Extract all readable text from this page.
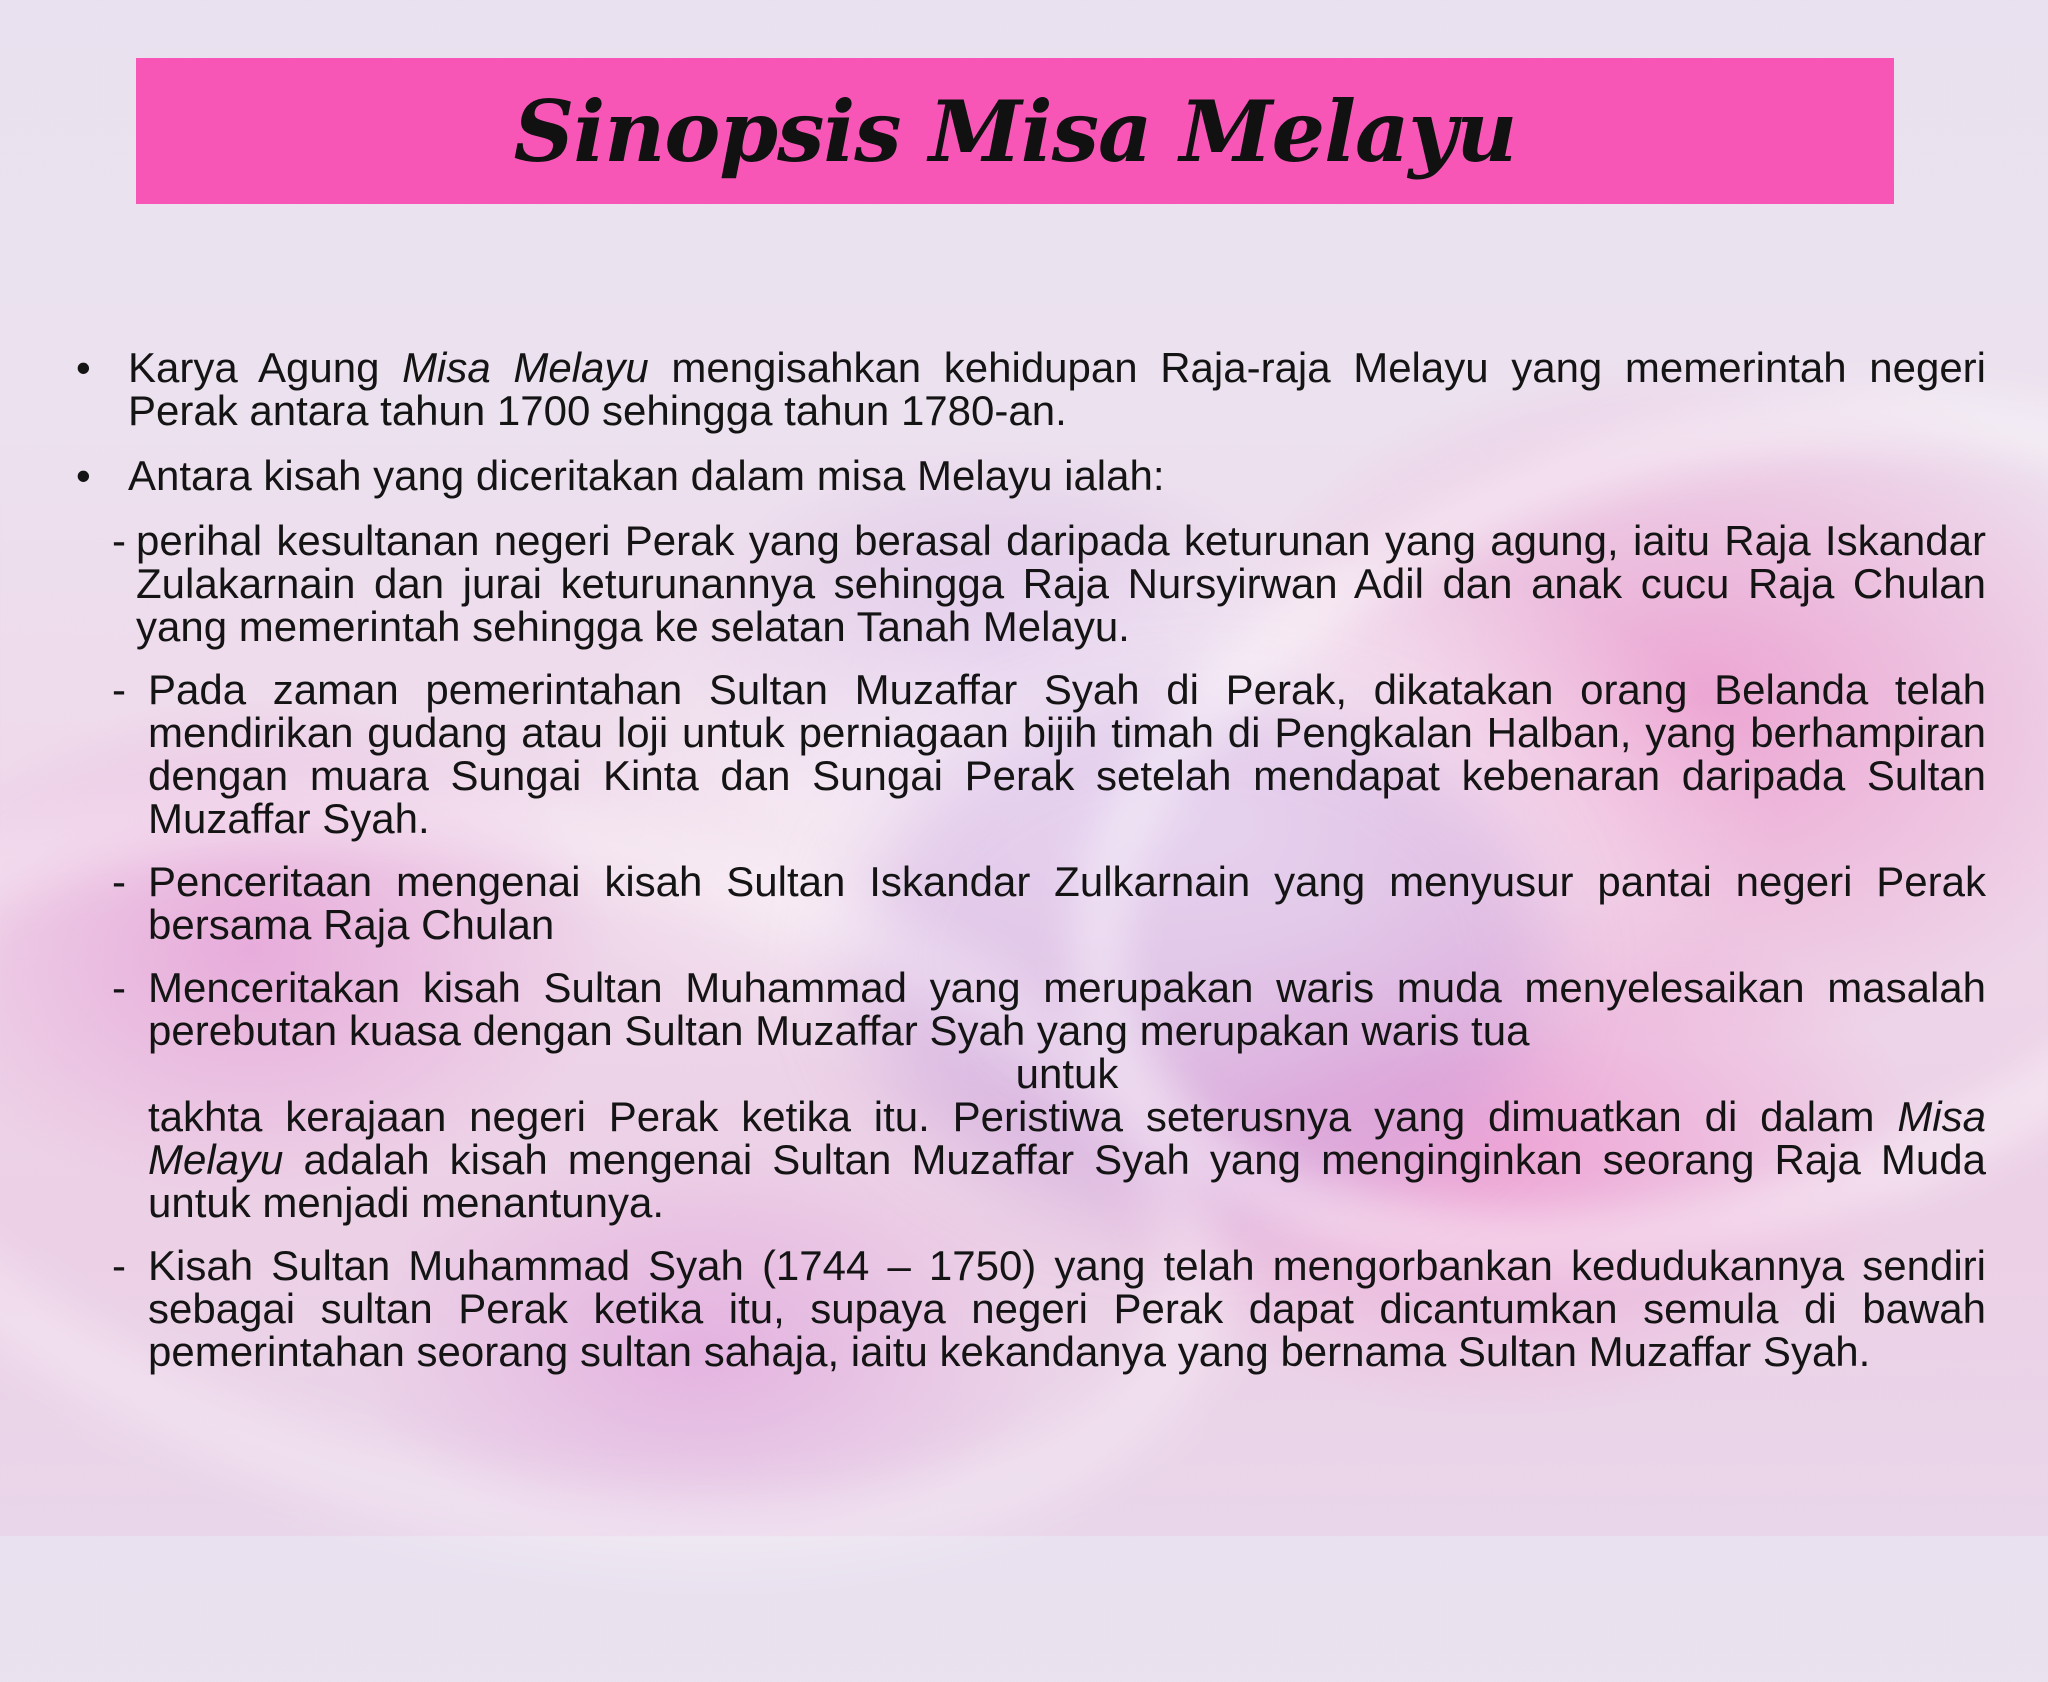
Sinopsis Misa Melayu
• Karya Agung Misa Melayu mengisahkan kehidupan Raja-raja Melayu yang memerintah negeri Perak antara tahun 1700 sehingga tahun 1780-an.
• Antara kisah yang diceritakan dalam misa Melayu ialah:
- perihal kesultanan negeri Perak yang berasal daripada keturunan yang agung, iaitu Raja Iskandar Zulakarnain dan jurai keturunannya sehingga Raja Nursyirwan Adil dan anak cucu Raja Chulan yang memerintah sehingga ke selatan Tanah Melayu.
- Pada zaman pemerintahan Sultan Muzaffar Syah di Perak, dikatakan orang Belanda telah mendirikan gudang atau loji untuk perniagaan bijih timah di Pengkalan Halban, yang berhampiran dengan muara Sungai Kinta dan Sungai Perak setelah mendapat kebenaran daripada Sultan Muzaffar Syah.
- Penceritaan mengenai kisah Sultan Iskandar Zulkarnain yang menyusur pantai negeri Perak bersama Raja Chulan
- Menceritakan kisah Sultan Muhammad yang merupakan waris muda menyelesaikan masalah perebutan kuasa dengan Sultan Muzaffar Syah yang merupakan waris tua
untuk
takhta kerajaan negeri Perak ketika itu. Peristiwa seterusnya yang dimuatkan di dalam Misa Melayu adalah kisah mengenai Sultan Muzaffar Syah yang menginginkan seorang Raja Muda untuk menjadi menantunya.
- Kisah Sultan Muhammad Syah (1744 – 1750) yang telah mengorbankan kedudukannya sendiri sebagai sultan Perak ketika itu, supaya negeri Perak dapat dicantumkan semula di bawah pemerintahan seorang sultan sahaja, iaitu kekandanya yang bernama Sultan Muzaffar Syah.
